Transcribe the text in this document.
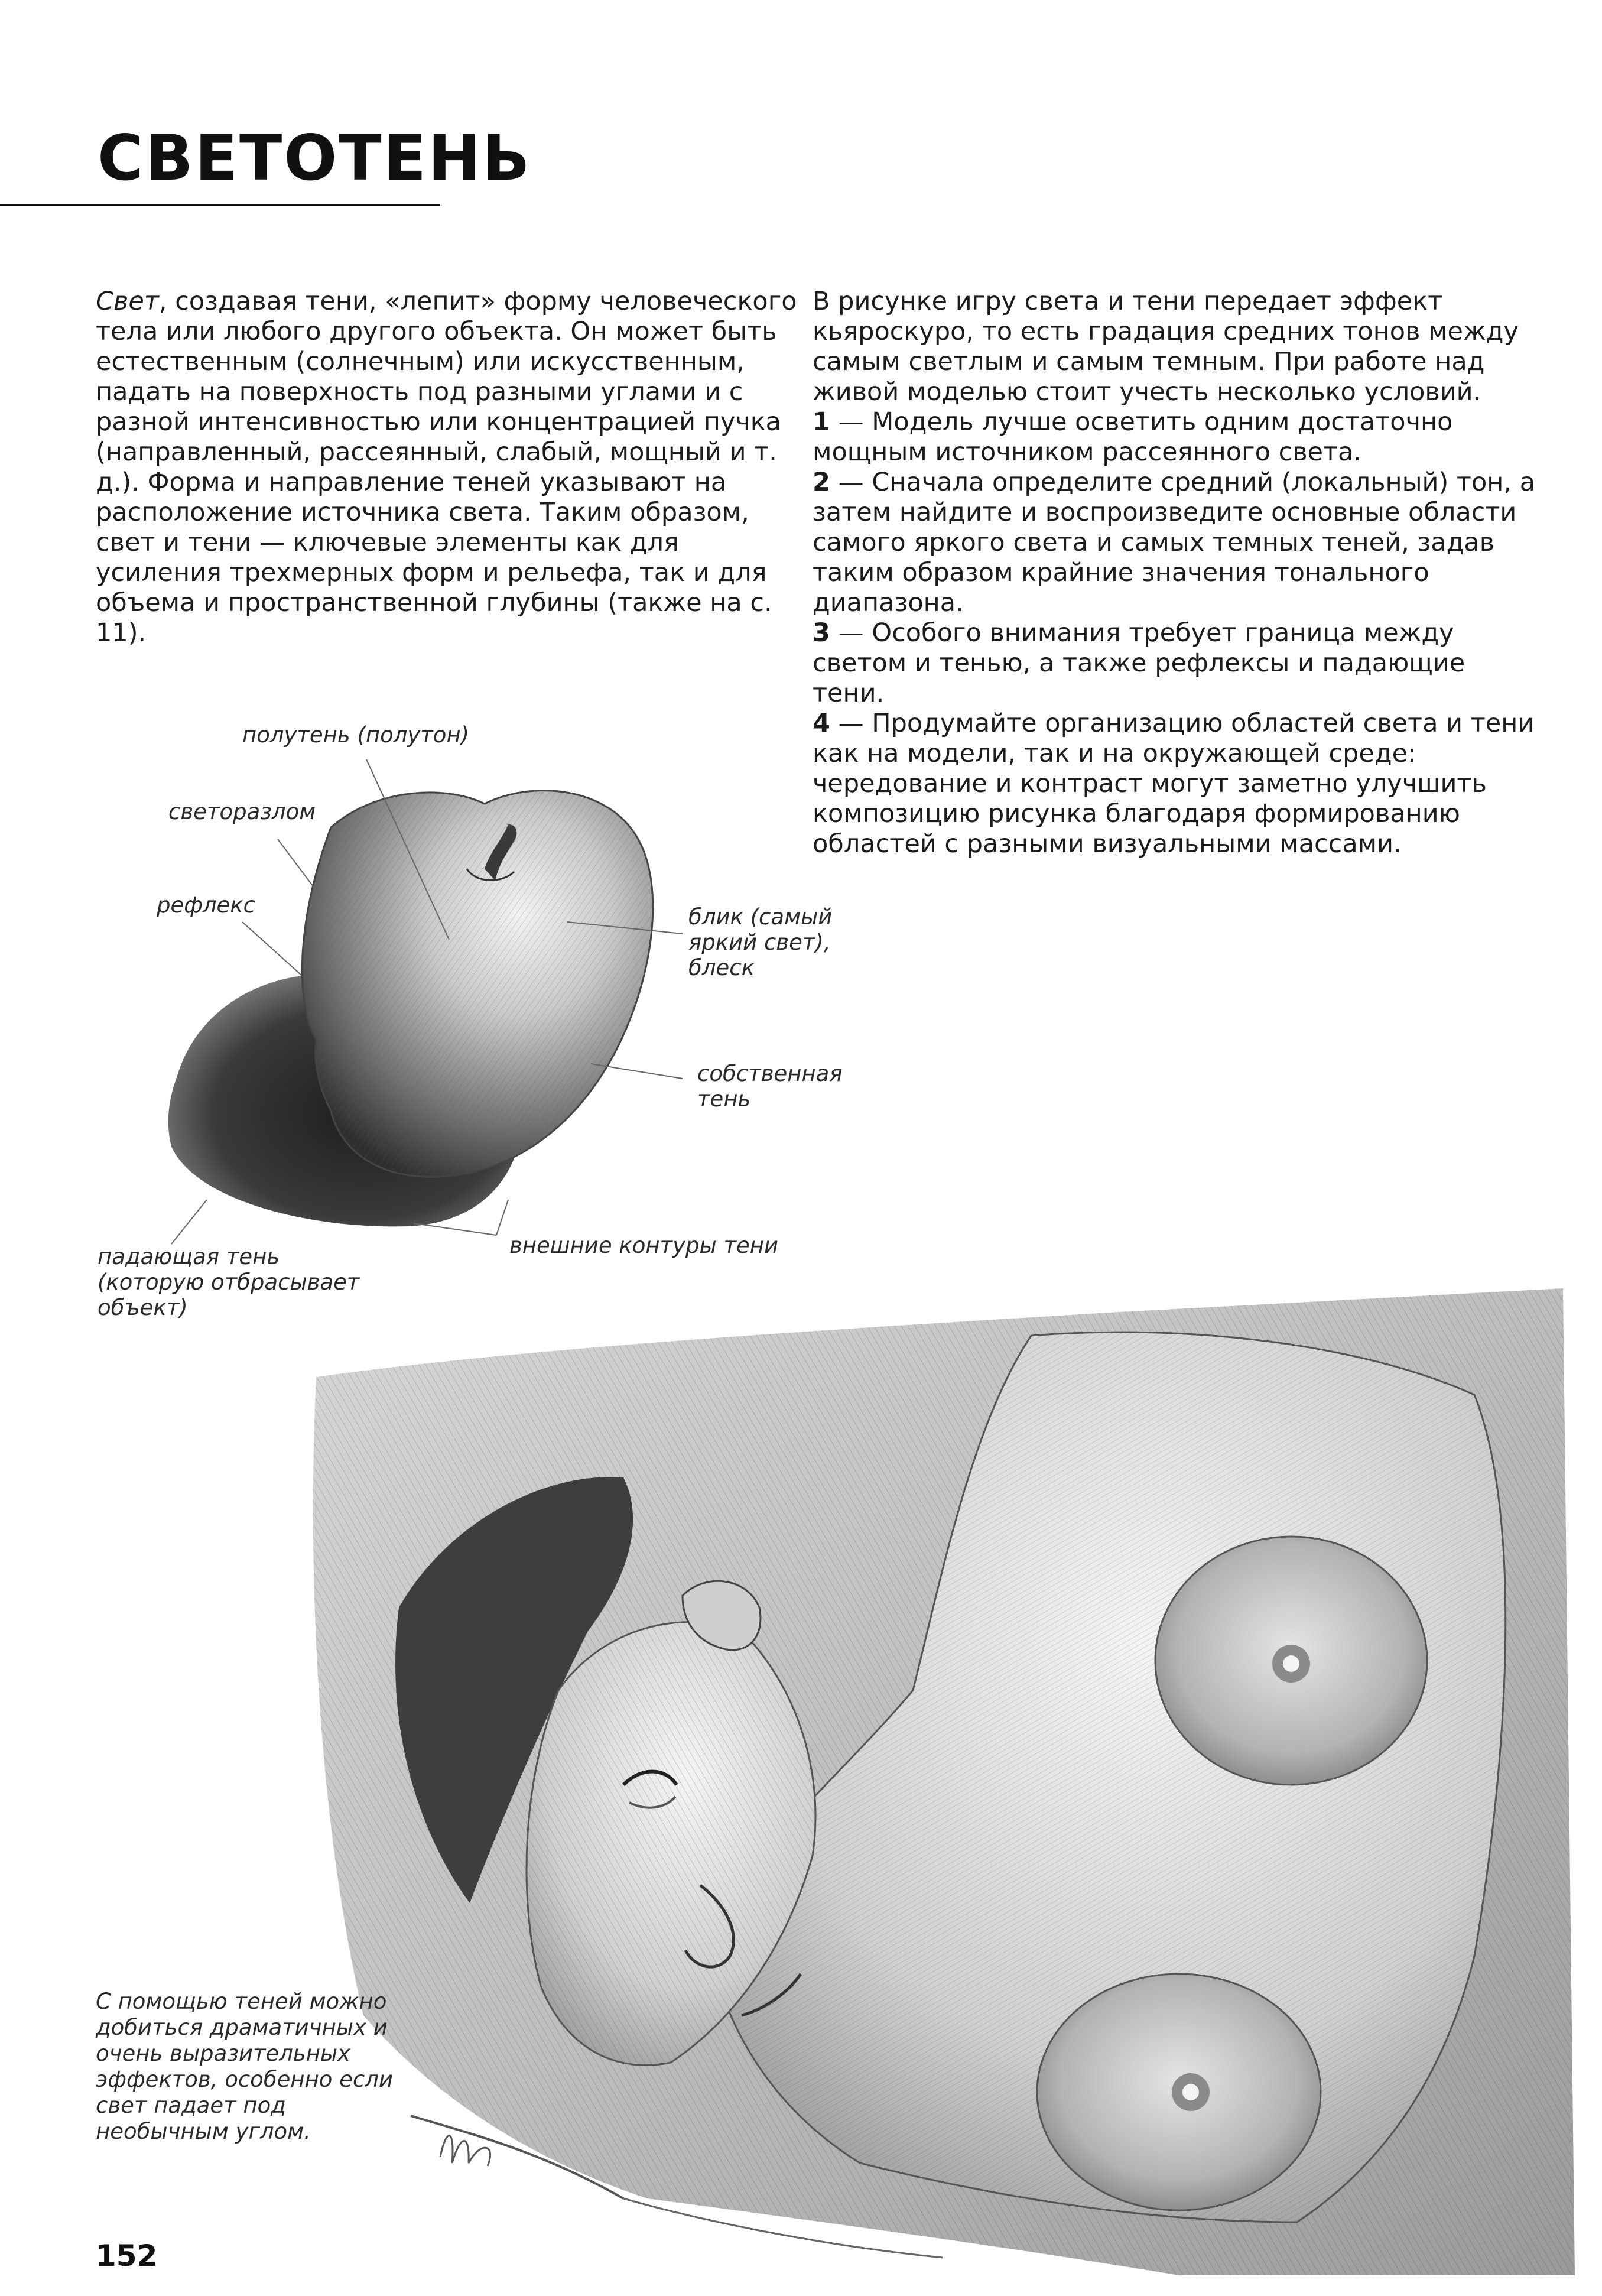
СВЕТОТЕНЬ

Свет, создавая тени, «лепит» форму человеческого тела или любого другого объекта. Он может быть естественным (солнечным) или искусственным, падать на поверхность под разными углами и с разной интенсивностью или концентрацией пучка (направленный, рассеянный, слабый, мощный и т. д.). Форма и направление теней указывают на расположение источника света. Таким образом, свет и тени — ключевые элементы как для усиления трехмерных форм и рельефа, так и для объема и пространственной глубины (также на с. 11).

В рисунке игру света и тени передает эффект кьяроскуро, то есть градация средних тонов между самым светлым и самым темным. При работе над живой моделью стоит учесть несколько условий.

1 — Модель лучше осветить одним достаточно мощным источником рассеянного света.

2 — Сначала определите средний (локальный) тон, а затем найдите и воспроизведите основные области самого яркого света и самых темных теней, задав таким образом крайние значения тонального диапазона.

3 — Особого внимания требует граница между светом и тенью, а также рефлексы и падающие тени.

4 — Продумайте организацию областей света и тени как на модели, так и на окружающей среде: чередование и контраст могут заметно улучшить композицию рисунка благодаря формированию областей с разными визуальными массами.

полутень (полутон)
светоразлом
рефлекс	блик (самый яркий свет), блеск
собственная тень
внешние контуры тени
падающая тень (которую отбрасывает объект)
С помощью теней можно добиться драматичных и очень выразительных эффектов, особенно если свет падает под необычным углом.
152
